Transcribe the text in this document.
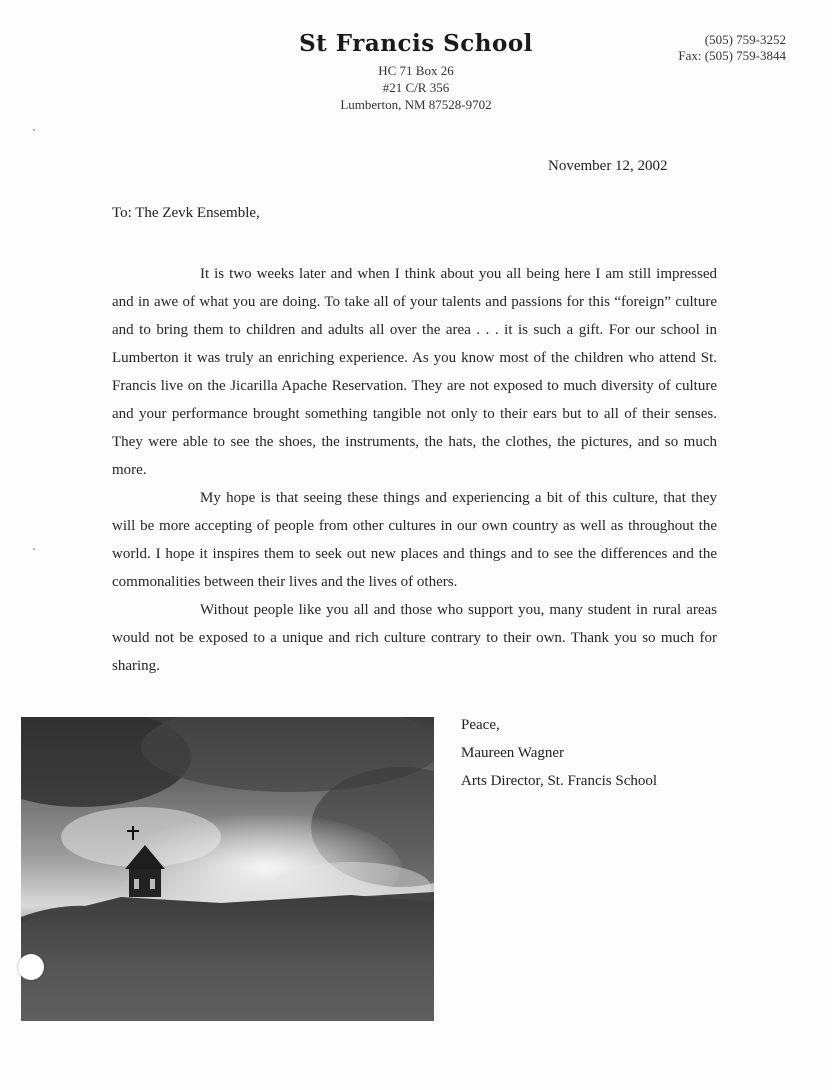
St Francis School
HC 71 Box 26
#21 C/R 356
Lumberton, NM 87528-9702
(505) 759-3252
Fax: (505) 759-3844
November 12, 2002
To: The Zevk Ensemble,

It is two weeks later and when I think about you all being here I am still impressed and in awe of what you are doing. To take all of your talents and passions for this “foreign” culture and to bring them to children and adults all over the area . . . it is such a gift. For our school in Lumberton it was truly an enriching experience. As you know most of the children who attend St. Francis live on the Jicarilla Apache Reservation. They are not exposed to much diversity of culture and your performance brought something tangible not only to their ears but to all of their senses. They were able to see the shoes, the instruments, the hats, the clothes, the pictures, and so much more.

My hope is that seeing these things and experiencing a bit of this culture, that they will be more accepting of people from other cultures in our own country as well as throughout the world. I hope it inspires them to seek out new places and things and to see the differences and the commonalities between their lives and the lives of others.

Without people like you all and those who support you, many student in rural areas would not be exposed to a unique and rich culture contrary to their own. Thank you so much for sharing.

Peace,
Maureen Wagner
Arts Director, St. Francis School
